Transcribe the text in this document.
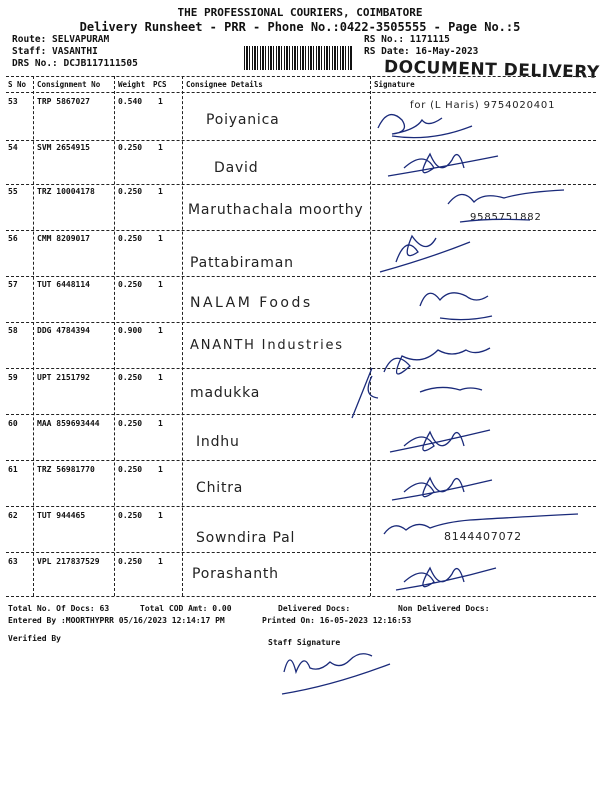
THE PROFESSIONAL COURIERS, COIMBATORE
Delivery Runsheet - PRR - Phone No.:0422-3505555 - Page No.:5
Route: SELVAPURAM
Staff: VASANTHI
DRS No.: DCJB117111505
RS No.: 1171115
RS Date: 16-May-2023
DOCUMENT DELIVERY
S No Consignment No Weight PCS	Consignee Details	Signature
53 TRP 5867027	0.540 1
Poiyanica
for (L Haris) 9754020401
54 SVM 2654915	0.250 1
David
55 TRZ 10004178	0.250 1
Maruthachala moorthy	9585751882
56 CMM 8209017	0.250 1
Pattabiraman
57 TUT 6448114	0.250 1
NALAM Foods
58 DDG 4784394	0.900 1
ANANTH Industries
59 UPT 2151792	0.250 1
madukka
60 MAA 859693444 0.250 1
Indhu
61 TRZ 56981770	0.250 1
Chitra
62 TUT 944465	0.250 1
Sowndira Pal	8144407072
63 VPL 217837529 0.250 1
Porashanth
Total No. Of Docs: 63	Total COD Amt: 0.00	Delivered Docs:	Non Delivered Docs:
Entered By :MOORTHYPRR 05/16/2023 12:14:17 PM	Printed On: 16-05-2023 12:16:53
Verified By	Staff Signature
